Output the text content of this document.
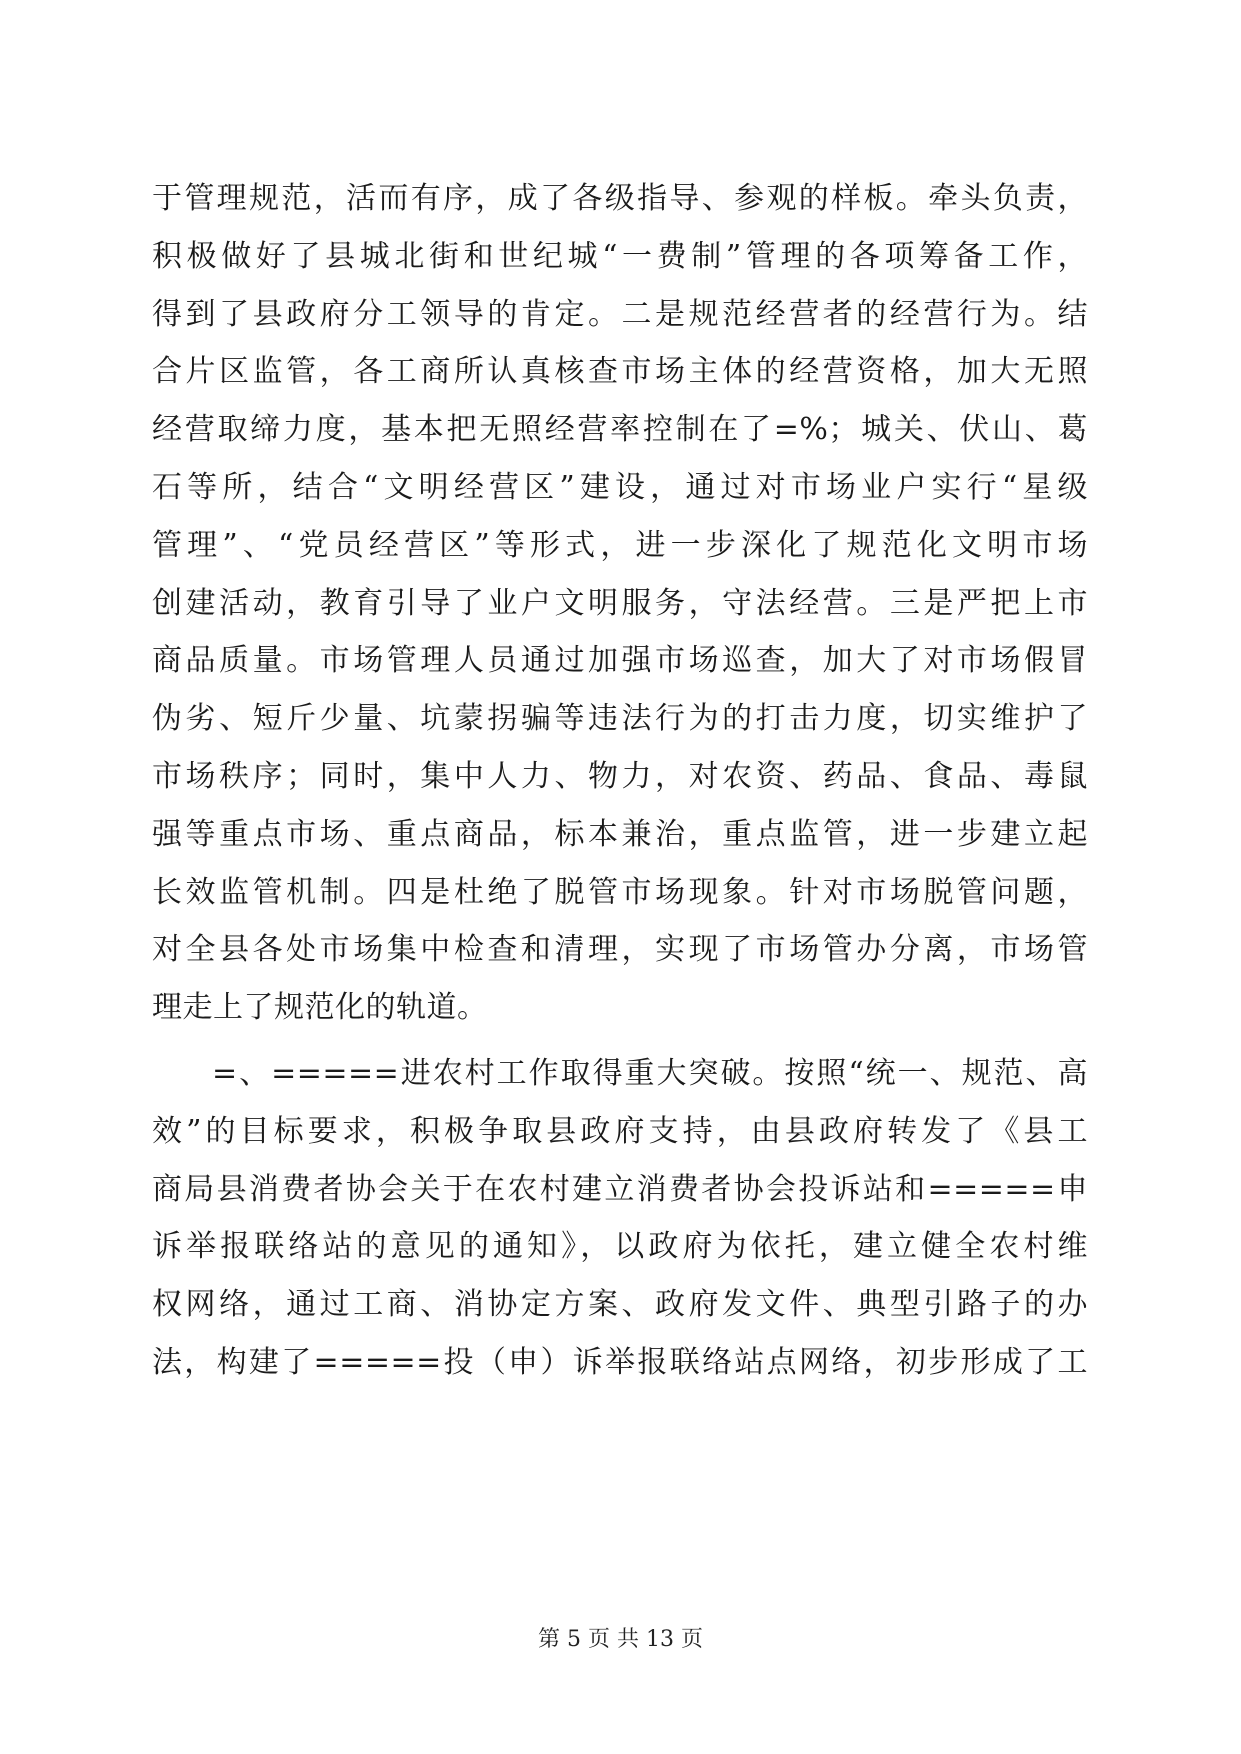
于管理规范，活而有序，成了各级指导、参观的样板。牵头负责，
积极做好了县城北街和世纪城“一费制”管理的各项筹备工作，
得到了县政府分工领导的肯定。二是规范经营者的经营行为。结
合片区监管，各工商所认真核查市场主体的经营资格，加大无照
经营取缔力度，基本把无照经营率控制在了=%；城关、伏山、葛
石等所，结合“文明经营区”建设，通过对市场业户实行“星级
管理”、“党员经营区”等形式，进一步深化了规范化文明市场
创建活动，教育引导了业户文明服务，守法经营。三是严把上市
商品质量。市场管理人员通过加强市场巡查，加大了对市场假冒
伪劣、短斤少量、坑蒙拐骗等违法行为的打击力度，切实维护了
市场秩序；同时，集中人力、物力，对农资、药品、食品、毒鼠
强等重点市场、重点商品，标本兼治，重点监管，进一步建立起
长效监管机制。四是杜绝了脱管市场现象。针对市场脱管问题，
对全县各处市场集中检查和清理，实现了市场管办分离，市场管
理走上了规范化的轨道。
=、=====进农村工作取得重大突破。按照“统一、规范、高
效”的目标要求，积极争取县政府支持，由县政府转发了《县工
商局县消费者协会关于在农村建立消费者协会投诉站和=====申
诉举报联络站的意见的通知》，以政府为依托，建立健全农村维
权网络，通过工商、消协定方案、政府发文件、典型引路子的办
法，构建了=====投（申）诉举报联络站点网络，初步形成了工
第 5 页 共 13 页
